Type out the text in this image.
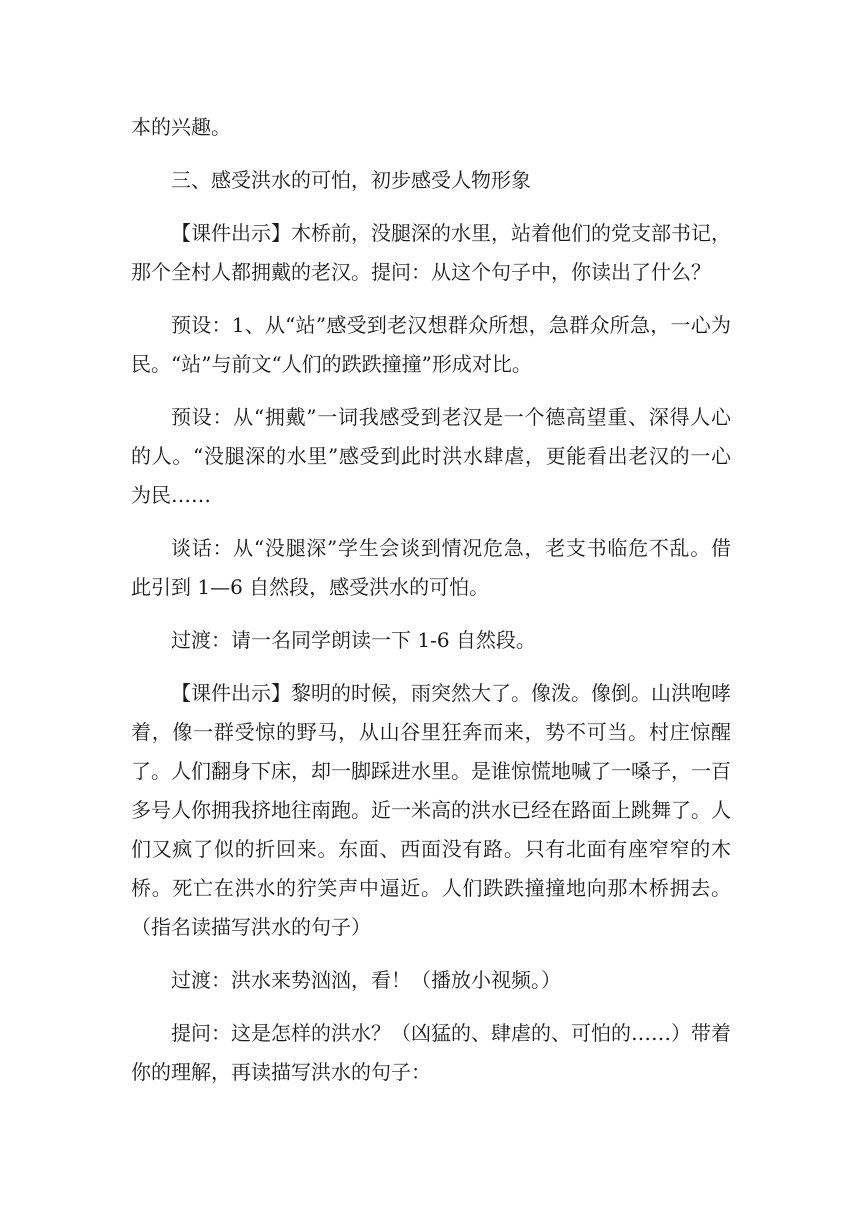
本的兴趣。

三、感受洪水的可怕，初步感受人物形象

【课件出示】木桥前，没腿深的水里，站着他们的党支部书记，那个全村人都拥戴的老汉。提问：从这个句子中，你读出了什么？

预设：1、从“站”感受到老汉想群众所想，急群众所急，一心为民。“站”与前文“人们的跌跌撞撞”形成对比。

预设：从“拥戴”一词我感受到老汉是一个德高望重、深得人心的人。“没腿深的水里”感受到此时洪水肆虐，更能看出老汉的一心为民……

谈话：从“没腿深”学生会谈到情况危急，老支书临危不乱。借此引到 1—6 自然段，感受洪水的可怕。

过渡：请一名同学朗读一下 1-6 自然段。

【课件出示】黎明的时候，雨突然大了。像泼。像倒。山洪咆哮着，像一群受惊的野马，从山谷里狂奔而来，势不可当。村庄惊醒了。人们翻身下床，却一脚踩进水里。是谁惊慌地喊了一嗓子，一百多号人你拥我挤地往南跑。近一米高的洪水已经在路面上跳舞了。人们又疯了似的折回来。东面、西面没有路。只有北面有座窄窄的木桥。死亡在洪水的狞笑声中逼近。人们跌跌撞撞地向那木桥拥去。（指名读描写洪水的句子）

过渡：洪水来势汹汹，看！（播放小视频。）

提问：这是怎样的洪水？（凶猛的、肆虐的、可怕的……）带着你的理解，再读描写洪水的句子：
